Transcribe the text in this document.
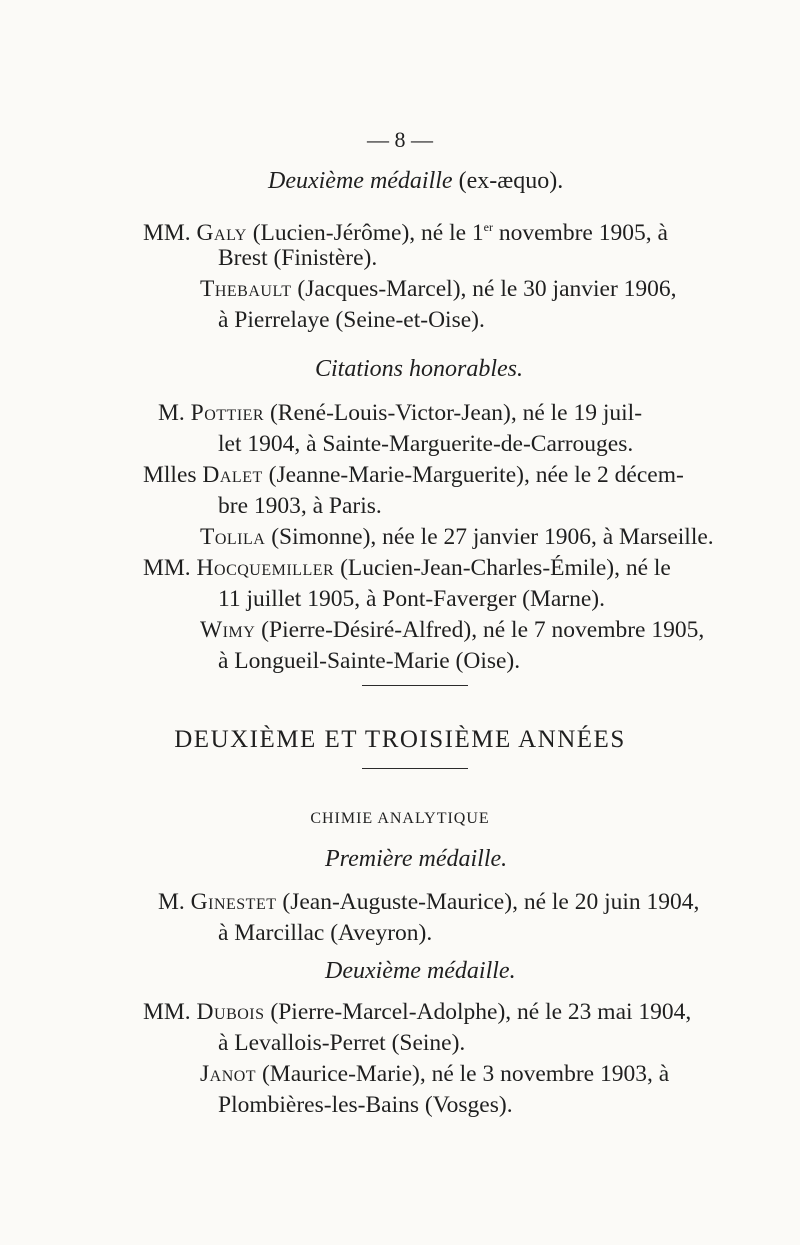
— 8 —
Deuxième médaille (ex-æquo).
MM. Galy (Lucien-Jérôme), né le 1er novembre 1905, à
Brest (Finistère).
Thebault (Jacques-Marcel), né le 30 janvier 1906,
à Pierrelaye (Seine-et-Oise).
Citations honorables.
M. Pottier (René-Louis-Victor-Jean), né le 19 juil-
let 1904, à Sainte-Marguerite-de-Carrouges.
Mlles Dalet (Jeanne-Marie-Marguerite), née le 2 décem-
bre 1903, à Paris.
Tolila (Simonne), née le 27 janvier 1906, à Marseille.
MM. Hocquemiller (Lucien-Jean-Charles-Émile), né le
11 juillet 1905, à Pont-Faverger (Marne).
Wimy (Pierre-Désiré-Alfred), né le 7 novembre 1905,
à Longueil-Sainte-Marie (Oise).
DEUXIÈME ET TROISIÈME ANNÉES
CHIMIE ANALYTIQUE
Première médaille.
M. Ginestet (Jean-Auguste-Maurice), né le 20 juin 1904,
à Marcillac (Aveyron).
Deuxième médaille.
MM. Dubois (Pierre-Marcel-Adolphe), né le 23 mai 1904,
à Levallois-Perret (Seine).
Janot (Maurice-Marie), né le 3 novembre 1903, à
Plombières-les-Bains (Vosges).
